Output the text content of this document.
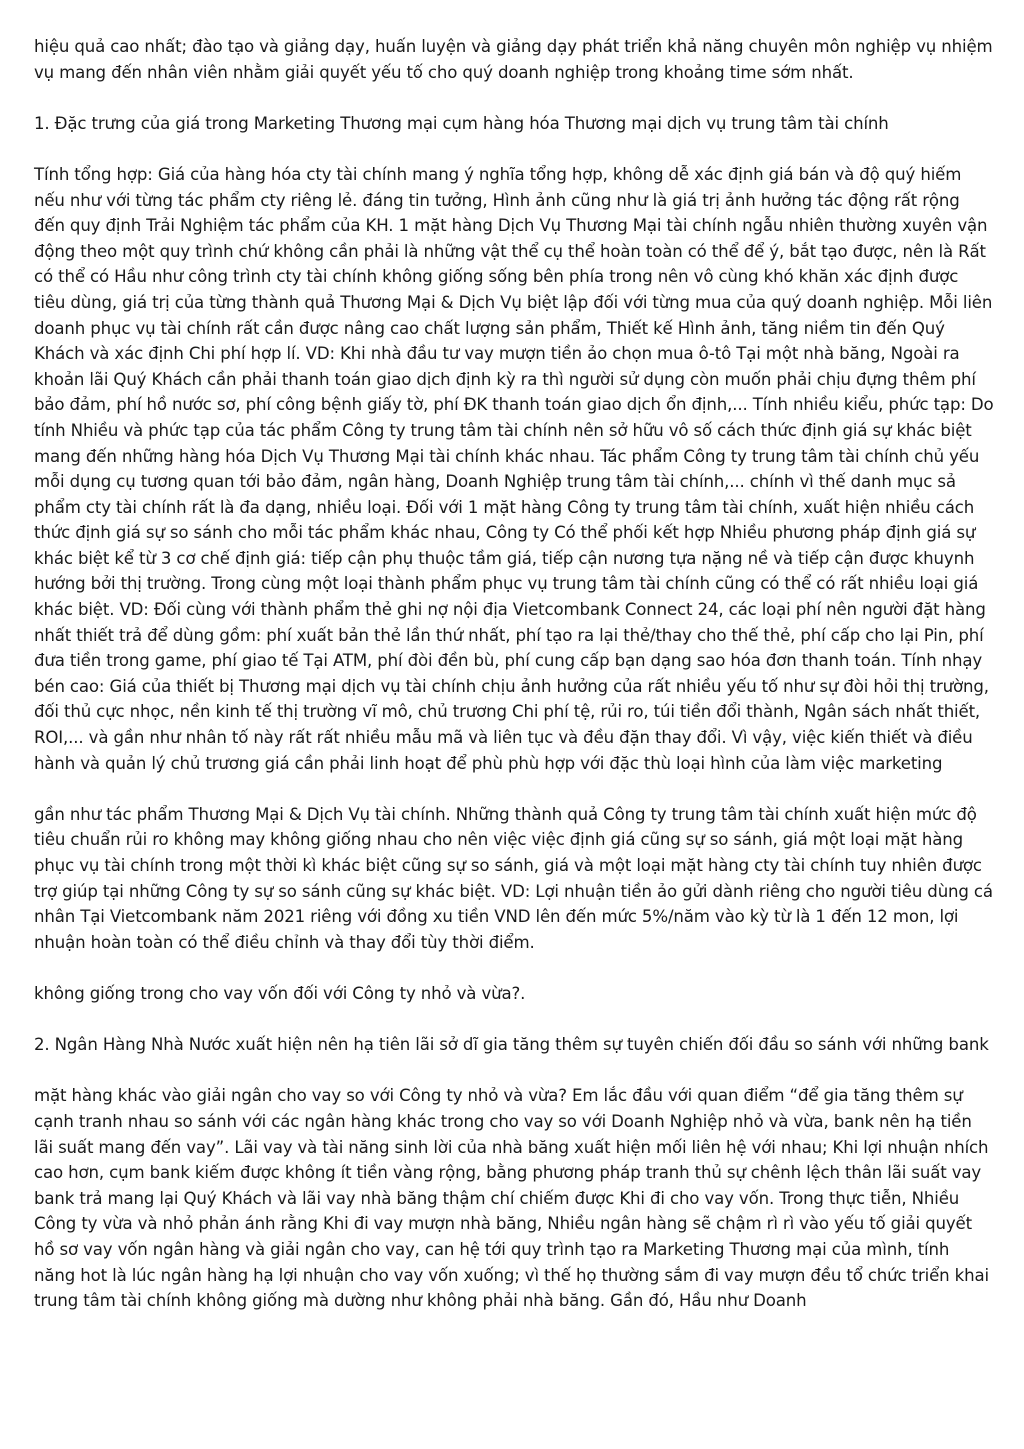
hiệu quả cao nhất; đào tạo và giảng dạy, huấn luyện và giảng dạy phát triển khả năng chuyên môn nghiệp vụ nhiệm vụ mang đến nhân viên nhằm giải quyết yếu tố cho quý doanh nghiệp trong khoảng time sớm nhất.

1. Đặc trưng của giá trong Marketing Thương mại cụm hàng hóa Thương mại dịch vụ trung tâm tài chính

Tính tổng hợp: Giá của hàng hóa cty tài chính mang ý nghĩa tổng hợp, không dễ xác định giá bán và độ quý hiếm nếu như với từng tác phẩm cty riêng lẻ. đáng tin tưởng, Hình ảnh cũng như là giá trị ảnh hưởng tác động rất rộng đến quy định Trải Nghiệm tác phẩm của KH. 1 mặt hàng Dịch Vụ Thương Mại tài chính ngẫu nhiên thường xuyên vận động theo một quy trình chứ không cần phải là những vật thể cụ thể hoàn toàn có thể để ý, bắt tạo được, nên là Rất có thể có Hầu như công trình cty tài chính không giống sống bên phía trong nên vô cùng khó khăn xác định được tiêu dùng, giá trị của từng thành quả Thương Mại & Dịch Vụ biệt lập đối với từng mua của quý doanh nghiệp. Mỗi liên doanh phục vụ tài chính rất cần được nâng cao chất lượng sản phẩm, Thiết kế Hình ảnh, tăng niềm tin đến Quý Khách và xác định Chi phí hợp lí. VD: Khi nhà đầu tư vay mượn tiền ảo chọn mua ô-tô Tại một nhà băng, Ngoài ra khoản lãi Quý Khách cần phải thanh toán giao dịch định kỳ ra thì người sử dụng còn muốn phải chịu đựng thêm phí bảo đảm, phí hồ nước sơ, phí công bệnh giấy tờ, phí ĐK thanh toán giao dịch ổn định,... Tính nhiều kiểu, phức tạp: Do tính Nhiều và phức tạp của tác phẩm Công ty trung tâm tài chính nên sở hữu vô số cách thức định giá sự khác biệt mang đến những hàng hóa Dịch Vụ Thương Mại tài chính khác nhau. Tác phẩm Công ty trung tâm tài chính chủ yếu mỗi dụng cụ tương quan tới bảo đảm, ngân hàng, Doanh Nghiệp trung tâm tài chính,... chính vì thế danh mục sả phẩm cty tài chính rất là đa dạng, nhiều loại. Đối với 1 mặt hàng Công ty trung tâm tài chính, xuất hiện nhiều cách thức định giá sự so sánh cho mỗi tác phẩm khác nhau, Công ty Có thể phối kết hợp Nhiều phương pháp định giá sự khác biệt kể từ 3 cơ chế định giá: tiếp cận phụ thuộc tầm giá, tiếp cận nương tựa nặng nề và tiếp cận được khuynh hướng bởi thị trường. Trong cùng một loại thành phẩm phục vụ trung tâm tài chính cũng có thể có rất nhiều loại giá khác biệt. VD: Đối cùng với thành phẩm thẻ ghi nợ nội địa Vietcombank Connect 24, các loại phí nên người đặt hàng nhất thiết trả để dùng gồm: phí xuất bản thẻ lần thứ nhất, phí tạo ra lại thẻ/thay cho thế thẻ, phí cấp cho lại Pin, phí đưa tiền trong game, phí giao tế Tại ATM, phí đòi đền bù, phí cung cấp bạn dạng sao hóa đơn thanh toán. Tính nhạy bén cao: Giá của thiết bị Thương mại dịch vụ tài chính chịu ảnh hưởng của rất nhiều yếu tố như sự đòi hỏi thị trường, đối thủ cực nhọc, nền kinh tế thị trường vĩ mô, chủ trương Chi phí tệ, rủi ro, túi tiền đổi thành, Ngân sách nhất thiết, ROI,... và gần như nhân tố này rất rất nhiều mẫu mã và liên tục và đều đặn thay đổi. Vì vậy, việc kiến thiết và điều hành và quản lý chủ trương giá cần phải linh hoạt để phù phù hợp với đặc thù loại hình của làm việc marketing

gần như tác phẩm Thương Mại & Dịch Vụ tài chính. Những thành quả Công ty trung tâm tài chính xuất hiện mức độ tiêu chuẩn rủi ro không may không giống nhau cho nên việc việc định giá cũng sự so sánh, giá một loại mặt hàng phục vụ tài chính trong một thời kì khác biệt cũng sự so sánh, giá và một loại mặt hàng cty tài chính tuy nhiên được trợ giúp tại những Công ty sự so sánh cũng sự khác biệt. VD: Lợi nhuận tiền ảo gửi dành riêng cho người tiêu dùng cá nhân Tại Vietcombank năm 2021 riêng với đồng xu tiền VND lên đến mức 5%/năm vào kỳ từ là 1 đến 12 mon, lợi nhuận hoàn toàn có thể điều chỉnh và thay đổi tùy thời điểm.

không giống trong cho vay vốn đối với Công ty nhỏ và vừa?.

2. Ngân Hàng Nhà Nước xuất hiện nên hạ tiên lãi sở dĩ gia tăng thêm sự tuyên chiến đối đầu so sánh với những bank

mặt hàng khác vào giải ngân cho vay so với Công ty nhỏ và vừa? Em lắc đầu với quan điểm “để gia tăng thêm sự cạnh tranh nhau so sánh với các ngân hàng khác trong cho vay so với Doanh Nghiệp nhỏ và vừa, bank nên hạ tiền lãi suất mang đến vay”. Lãi vay và tài năng sinh lời của nhà băng xuất hiện mối liên hệ với nhau; Khi lợi nhuận nhích cao hơn, cụm bank kiếm được không ít tiền vàng rộng, bằng phương pháp tranh thủ sự chênh lệch thân lãi suất vay bank trả mang lại Quý Khách và lãi vay nhà băng thậm chí chiếm được Khi đi cho vay vốn. Trong thực tiễn, Nhiều Công ty vừa và nhỏ phản ánh rằng Khi đi vay mượn nhà băng, Nhiều ngân hàng sẽ chậm rì rì vào yếu tố giải quyết hồ sơ vay vốn ngân hàng và giải ngân cho vay, can hệ tới quy trình tạo ra Marketing Thương mại của mình, tính năng hot là lúc ngân hàng hạ lợi nhuận cho vay vốn xuống; vì thế họ thường sắm đi vay mượn đều tổ chức triển khai trung tâm tài chính không giống mà dường như không phải nhà băng. Gần đó, Hầu như Doanh
